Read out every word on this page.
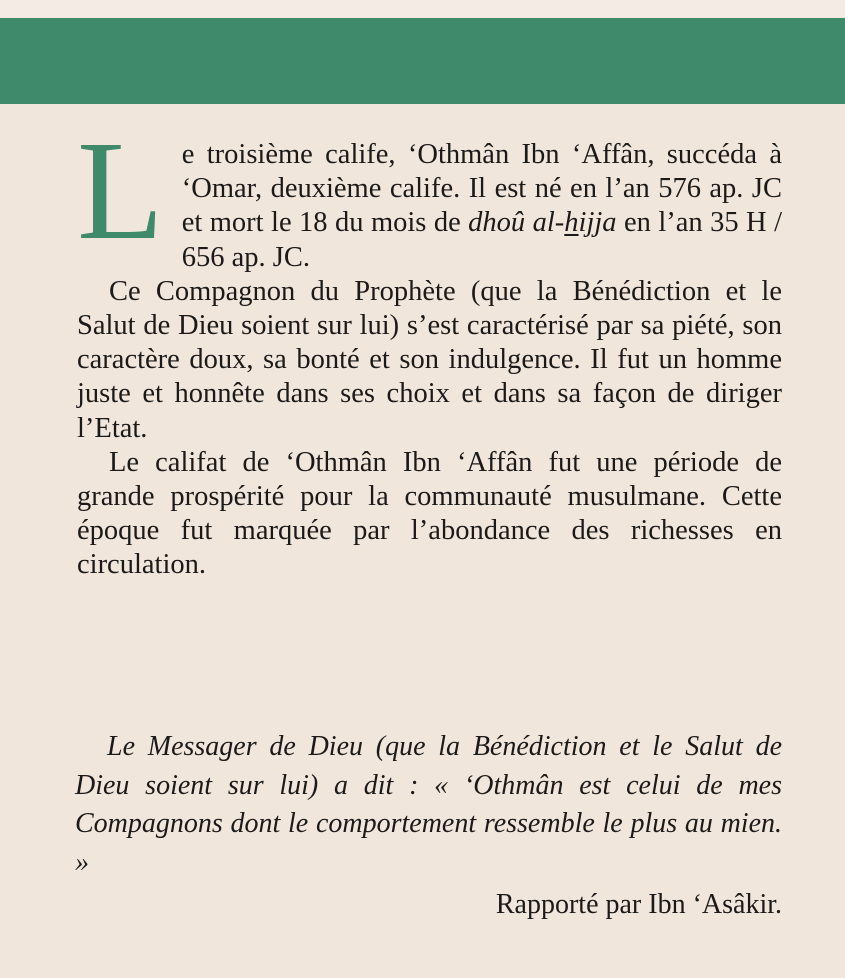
Le troisième calife, ‘Othmân Ibn ‘Affân, succéda à ‘Omar, deuxième calife. Il est né en l’an 576 ap. JC et mort le 18 du mois de dhoû al-hijja en l’an 35 H / 656 ap. JC.

Ce Compagnon du Prophète (que la Bénédiction et le Salut de Dieu soient sur lui) s’est caractérisé par sa piété, son caractère doux, sa bonté et son indulgence. Il fut un homme juste et honnête dans ses choix et dans sa façon de diriger l’Etat.

Le califat de ‘Othmân Ibn ‘Affân fut une période de grande prospérité pour la communauté musulmane. Cette époque fut marquée par l’abondance des richesses en circulation.

Le Messager de Dieu (que la Bénédiction et le Salut de Dieu soient sur lui) a dit : « ‘Othmân est celui de mes Compagnons dont le comportement ressemble le plus au mien. »

Rapporté par Ibn ‘Asâkir.
